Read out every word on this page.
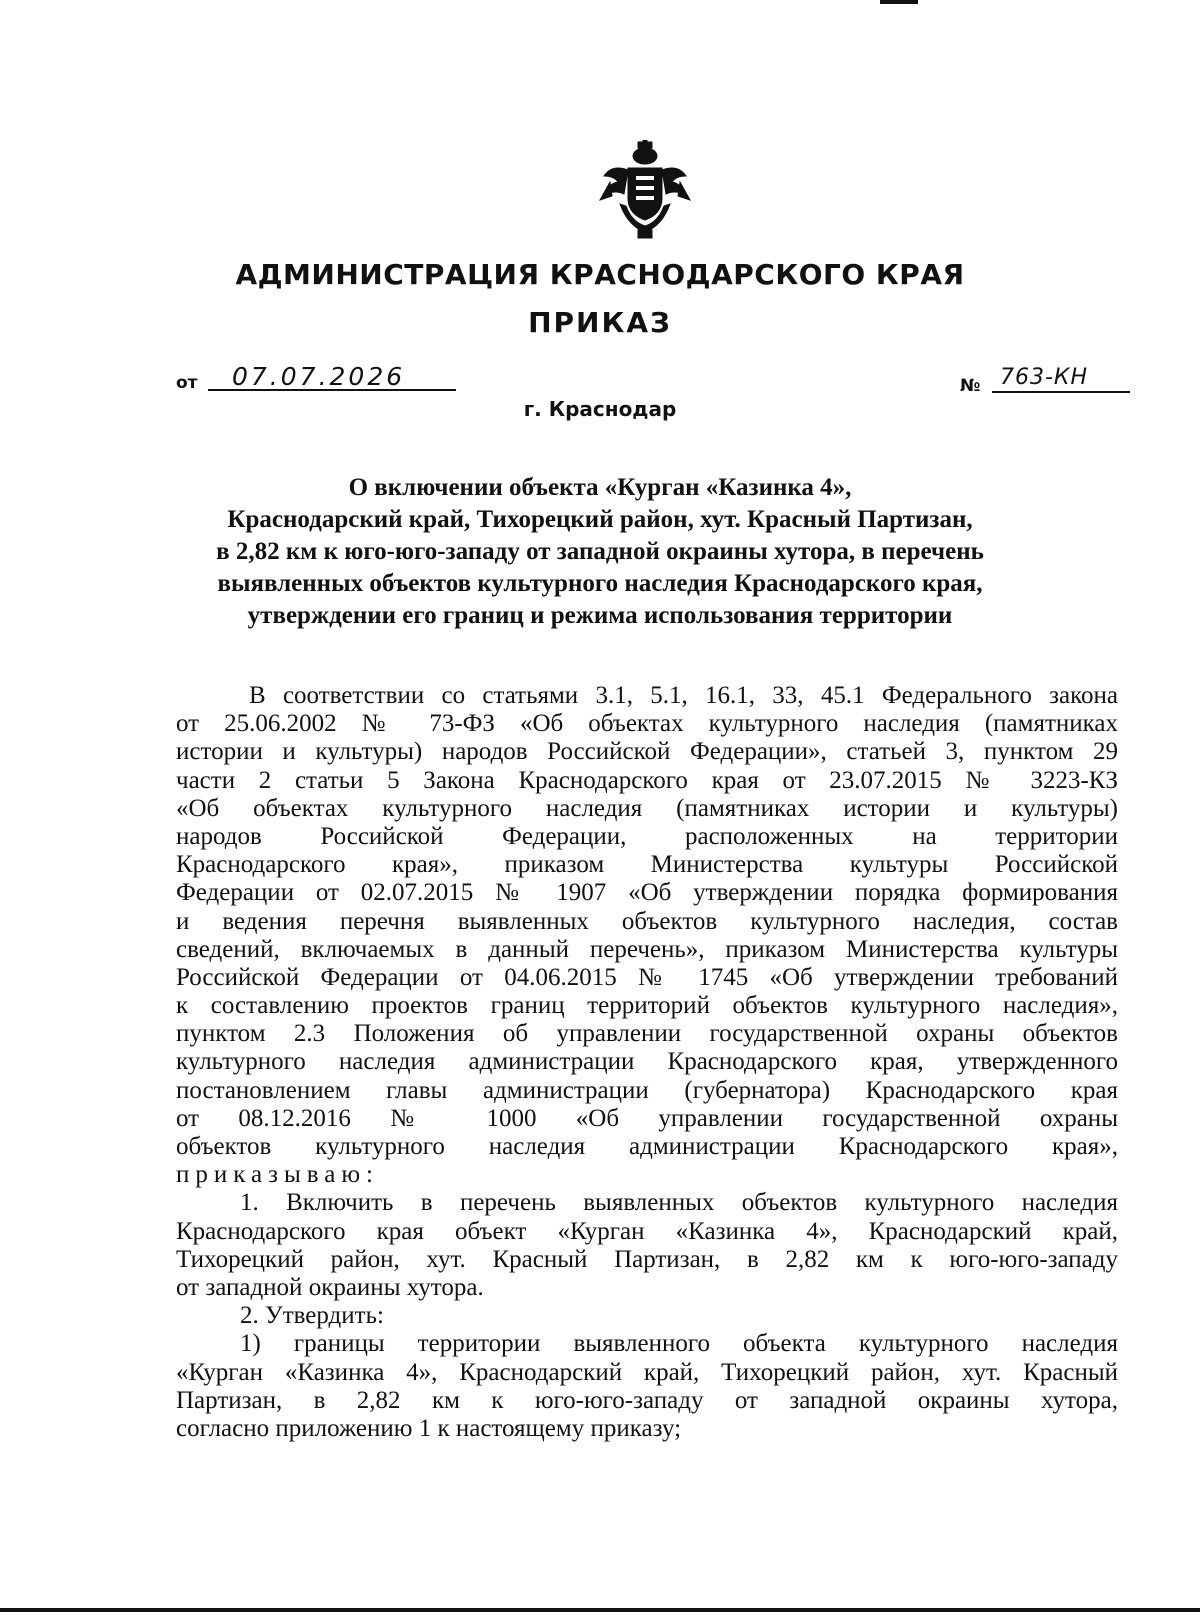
АДМИНИСТРАЦИЯ КРАСНОДАРСКОГО КРАЯ
ПРИКАЗ
от 07.07.2026
г. Краснодар
№ 763-КН
О включении объекта «Курган «Казинка 4»,
Краснодарский край, Тихорецкий район, хут. Красный Партизан,
в 2,82 км к юго-юго-западу от западной окраины хутора, в перечень
выявленных объектов культурного наследия Краснодарского края,
утверждении его границ и режима использования территории
В соответствии со статьями 3.1, 5.1, 16.1, 33, 45.1 Федерального закона
от 25.06.2002 № 73-ФЗ «Об объектах культурного наследия (памятниках
истории и культуры) народов Российской Федерации», статьей 3, пунктом 29
части 2 статьи 5 Закона Краснодарского края от 23.07.2015 № 3223-КЗ
«Об объектах культурного наследия (памятниках истории и культуры)
народов Российской Федерации, расположенных на территории
Краснодарского края», приказом Министерства культуры Российской
Федерации от 02.07.2015 № 1907 «Об утверждении порядка формирования
и ведения перечня выявленных объектов культурного наследия, состав
сведений, включаемых в данный перечень», приказом Министерства культуры
Российской Федерации от 04.06.2015 № 1745 «Об утверждении требований
к составлению проектов границ территорий объектов культурного наследия»,
пунктом 2.3 Положения об управлении государственной охраны объектов
культурного наследия администрации Краснодарского края, утвержденного
постановлением главы администрации (губернатора) Краснодарского края
от 08.12.2016 № 1000 «Об управлении государственной охраны
объектов культурного наследия администрации Краснодарского края»,
приказываю:
1. Включить в перечень выявленных объектов культурного наследия
Краснодарского края объект «Курган «Казинка 4», Краснодарский край,
Тихорецкий район, хут. Красный Партизан, в 2,82 км к юго-юго-западу
от западной окраины хутора.
2. Утвердить:
1) границы территории выявленного объекта культурного наследия
«Курган «Казинка 4», Краснодарский край, Тихорецкий район, хут. Красный
Партизан, в 2,82 км к юго-юго-западу от западной окраины хутора,
согласно приложению 1 к настоящему приказу;
